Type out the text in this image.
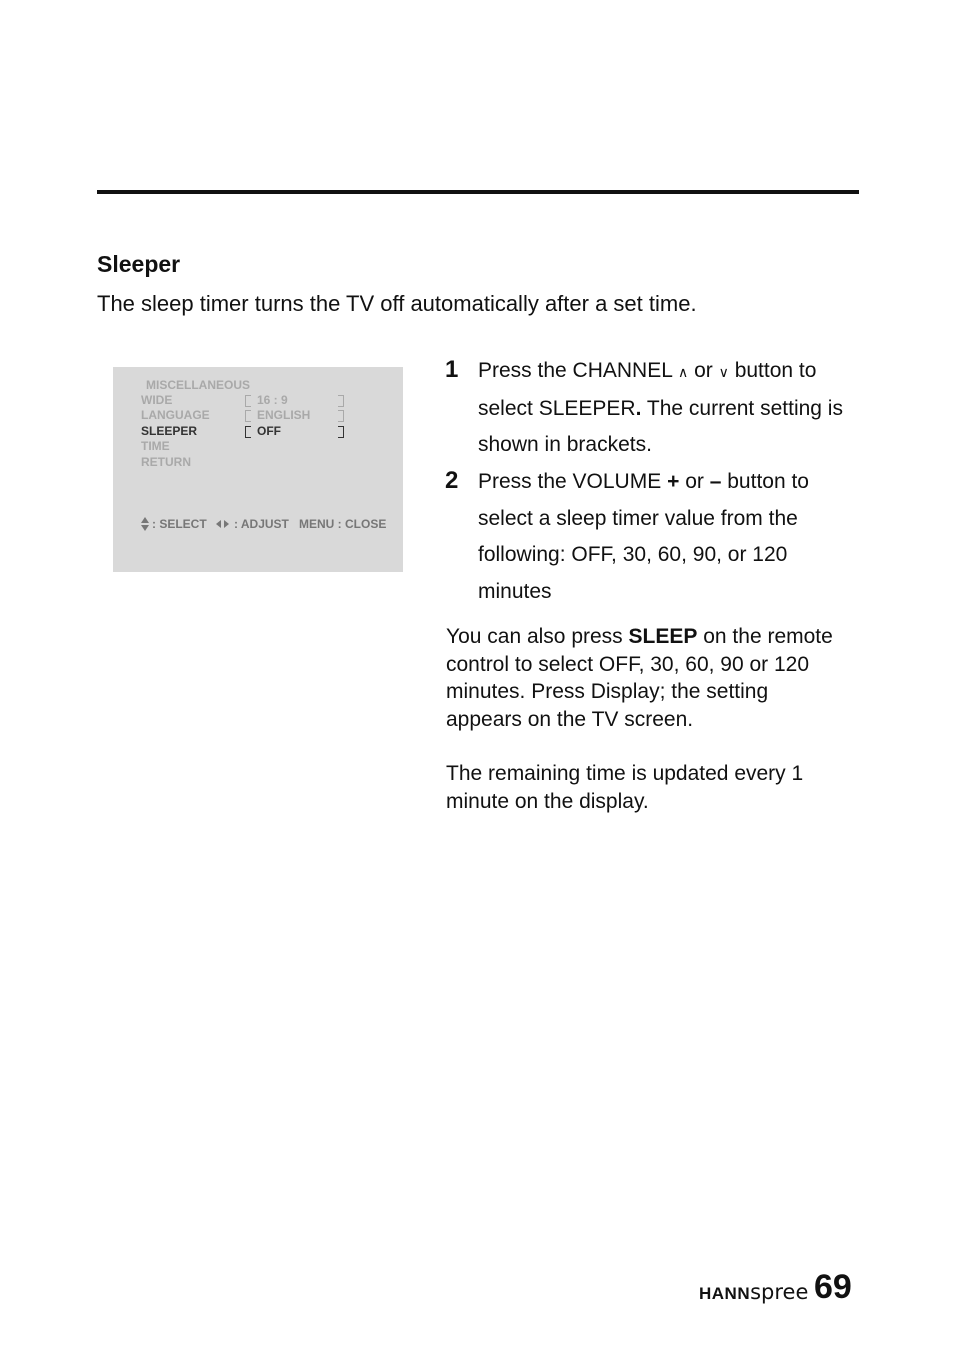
Sleeper
The sleep timer turns the TV off automatically after a set time.
MISCELLANEOUS
WIDE	16 : 9
LANGUAGE	ENGLISH
SLEEPER	OFF
TIME
RETURN
: SELECT : ADJUST MENU : CLOSE
1 Press the CHANNEL ∧ or ∨ button to select SLEEPER. The current setting is shown in brackets.
2 Press the VOLUME + or – button to select a sleep timer value from the following: OFF, 30, 60, 90, or 120 minutes
You can also press SLEEP on the remote control to select OFF, 30, 60, 90 or 120 minutes. Press Display; the setting appears on the TV screen.
The remaining time is updated every 1 minute on the display.
HANNspree 69
